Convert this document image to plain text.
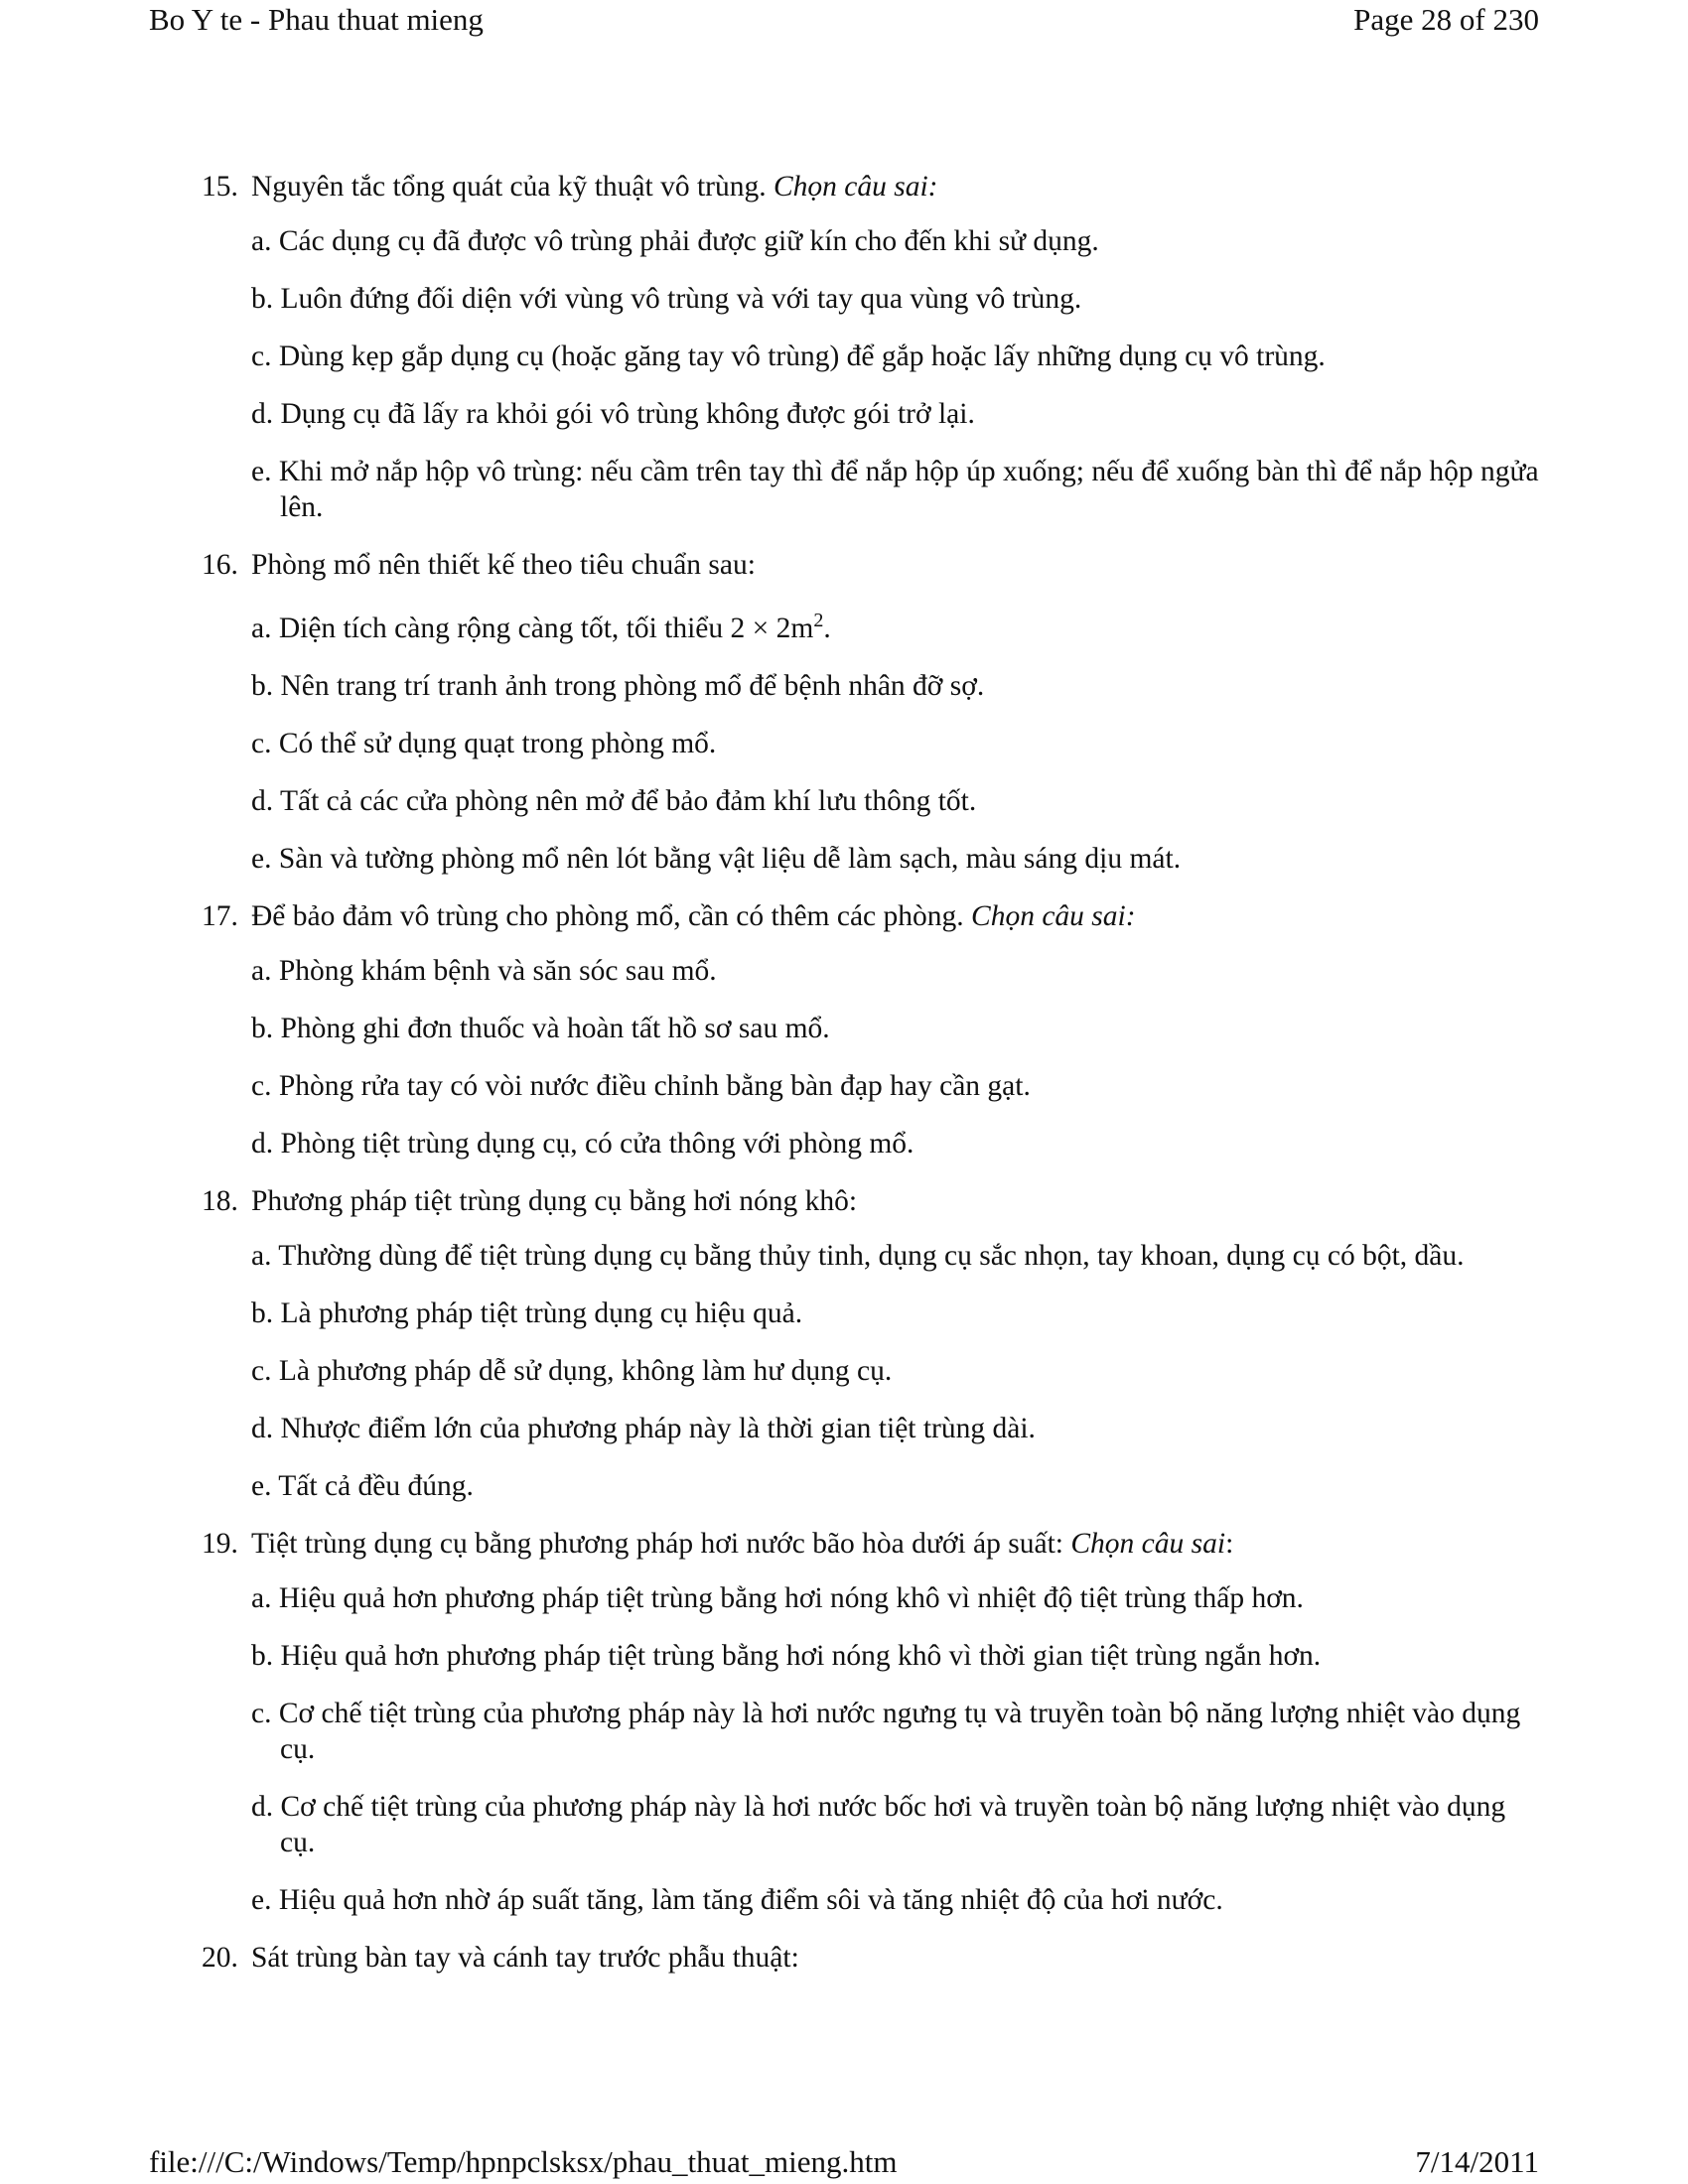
Bo Y te - Phau thuat mieng	Page 28 of 230
15. Nguyên tắc tổng quát của kỹ thuật vô trùng. Chọn câu sai:
a. Các dụng cụ đã được vô trùng phải được giữ kín cho đến khi sử dụng.
b. Luôn đứng đối diện với vùng vô trùng và với tay qua vùng vô trùng.
c. Dùng kẹp gắp dụng cụ (hoặc găng tay vô trùng) để gắp hoặc lấy những dụng cụ vô trùng.
d. Dụng cụ đã lấy ra khỏi gói vô trùng không được gói trở lại.
e. Khi mở nắp hộp vô trùng: nếu cầm trên tay thì để nắp hộp úp xuống; nếu để xuống bàn thì để nắp hộp ngửa lên.
16. Phòng mổ nên thiết kế theo tiêu chuẩn sau:
a. Diện tích càng rộng càng tốt, tối thiểu $2 \times 2m^2$.
b. Nên trang trí tranh ảnh trong phòng mổ để bệnh nhân đỡ sợ.
c. Có thể sử dụng quạt trong phòng mổ.
d. Tất cả các cửa phòng nên mở để bảo đảm khí lưu thông tốt.
e. Sàn và tường phòng mổ nên lót bằng vật liệu dễ làm sạch, màu sáng dịu mát.
17. Để bảo đảm vô trùng cho phòng mổ, cần có thêm các phòng. Chọn câu sai:
a. Phòng khám bệnh và săn sóc sau mổ.
b. Phòng ghi đơn thuốc và hoàn tất hồ sơ sau mổ.
c. Phòng rửa tay có vòi nước điều chỉnh bằng bàn đạp hay cần gạt.
d. Phòng tiệt trùng dụng cụ, có cửa thông với phòng mổ.
18. Phương pháp tiệt trùng dụng cụ bằng hơi nóng khô:
a. Thường dùng để tiệt trùng dụng cụ bằng thủy tinh, dụng cụ sắc nhọn, tay khoan, dụng cụ có bột, dầu.
b. Là phương pháp tiệt trùng dụng cụ hiệu quả.
c. Là phương pháp dễ sử dụng, không làm hư dụng cụ.
d. Nhược điểm lớn của phương pháp này là thời gian tiệt trùng dài.
e. Tất cả đều đúng.
19. Tiệt trùng dụng cụ bằng phương pháp hơi nước bão hòa dưới áp suất: Chọn câu sai:
a. Hiệu quả hơn phương pháp tiệt trùng bằng hơi nóng khô vì nhiệt độ tiệt trùng thấp hơn.
b. Hiệu quả hơn phương pháp tiệt trùng bằng hơi nóng khô vì thời gian tiệt trùng ngắn hơn.
c. Cơ chế tiệt trùng của phương pháp này là hơi nước ngưng tụ và truyền toàn bộ năng lượng nhiệt vào dụng cụ.
d. Cơ chế tiệt trùng của phương pháp này là hơi nước bốc hơi và truyền toàn bộ năng lượng nhiệt vào dụng cụ.
e. Hiệu quả hơn nhờ áp suất tăng, làm tăng điểm sôi và tăng nhiệt độ của hơi nước.
20. Sát trùng bàn tay và cánh tay trước phẫu thuật:
file:///C:/Windows/Temp/hpnpclsksx/phau_thuat_mieng.htm	7/14/2011
